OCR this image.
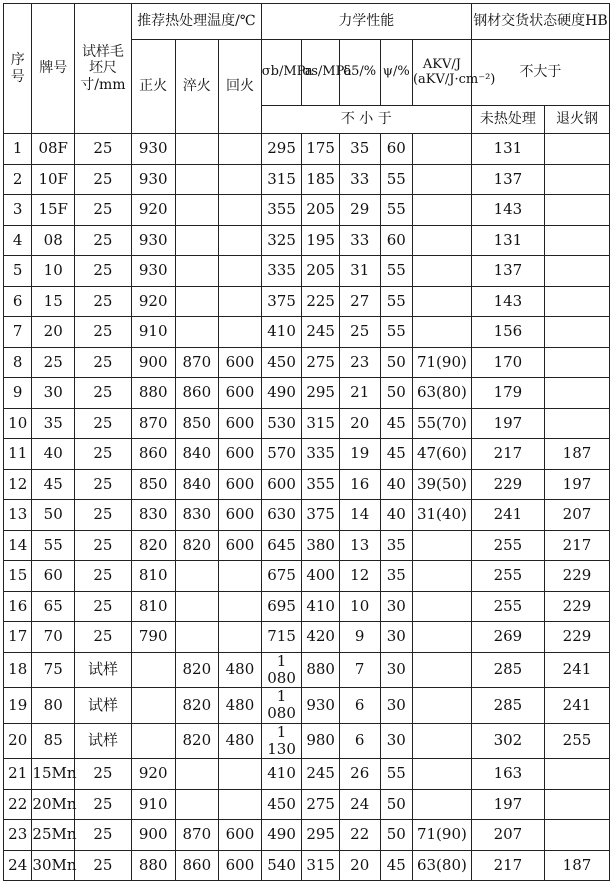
序号	牌号	试样毛坯尺寸/mm	推荐热处理温度/℃			力学性能					钢材交货状态硬度HB	
			正火	淬火	回火	σb/MPa	σs/MPa	δ5/%	ψ/%	AKV/J (aKV/J·cm⁻²)	不大于	
						不 小 于					未热处理	退火钢
1	08F	25	930			295	175	35	60		131	
2	10F	25	930			315	185	33	55		137	
3	15F	25	920			355	205	29	55		143	
4	08	25	930			325	195	33	60		131	
5	10	25	930			335	205	31	55		137	
6	15	25	920			375	225	27	55		143	
7	20	25	910			410	245	25	55		156	
8	25	25	900	870	600	450	275	23	50	71(90)	170	
9	30	25	880	860	600	490	295	21	50	63(80)	179	
10	35	25	870	850	600	530	315	20	45	55(70)	197	
11	40	25	860	840	600	570	335	19	45	47(60)	217	187
12	45	25	850	840	600	600	355	16	40	39(50)	229	197
13	50	25	830	830	600	630	375	14	40	31(40)	241	207
14	55	25	820	820	600	645	380	13	35		255	217
15	60	25	810			675	400	12	35		255	229
16	65	25	810			695	410	10	30		255	229
17	70	25	790			715	420	9	30		269	229
18	75	试样		820	480	1 080	880	7	30		285	241
19	80	试样		820	480	1 080	930	6	30		285	241
20	85	试样		820	480	1 130	980	6	30		302	255
21	15Mn	25	920			410	245	26	55		163	
22	20Mn	25	910			450	275	24	50		197	
23	25Mn	25	900	870	600	490	295	22	50	71(90)	207	
24	30Mn	25	880	860	600	540	315	20	45	63(80)	217	187
